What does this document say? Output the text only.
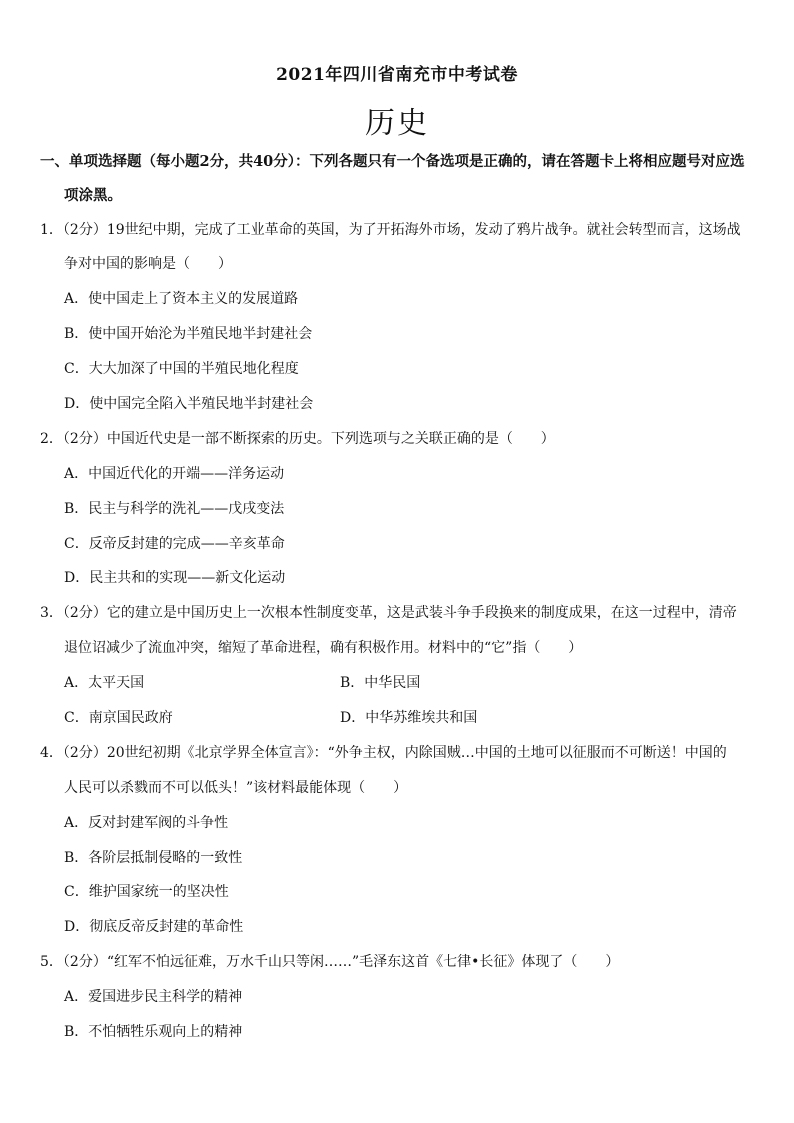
2021年四川省南充市中考试卷
历史
一、单项选择题（每小题2分，共40分）：下列各题只有一个备选项是正确的，请在答题卡上将相应题号对应选
项涂黑。
1．（2分）19世纪中期，完成了工业革命的英国，为了开拓海外市场，发动了鸦片战争。就社会转型而言，这场战
争对中国的影响是（　　）
A．使中国走上了资本主义的发展道路
B．使中国开始沦为半殖民地半封建社会
C．大大加深了中国的半殖民地化程度
D．使中国完全陷入半殖民地半封建社会
2．（2分）中国近代史是一部不断探索的历史。下列选项与之关联正确的是（　　）
A．中国近代化的开端——洋务运动
B．民主与科学的洗礼——戊戌变法
C．反帝反封建的完成——辛亥革命
D．民主共和的实现——新文化运动
3．（2分）它的建立是中国历史上一次根本性制度变革，这是武装斗争手段换来的制度成果，在这一过程中，清帝
退位诏减少了流血冲突，缩短了革命进程，确有积极作用。材料中的“它”指（　　）
A．太平天国	B．中华民国
C．南京国民政府	D．中华苏维埃共和国
4．（2分）20世纪初期《北京学界全体宣言》：“外争主权，内除国贼…中国的土地可以征服而不可断送！中国的
人民可以杀戮而不可以低头！”该材料最能体现（　　）
A．反对封建军阀的斗争性
B．各阶层抵制侵略的一致性
C．维护国家统一的坚决性
D．彻底反帝反封建的革命性
5．（2分）“红军不怕远征难，万水千山只等闲……”毛泽东这首《七律•长征》体现了（　　）
A．爱国进步民主科学的精神
B．不怕牺牲乐观向上的精神
